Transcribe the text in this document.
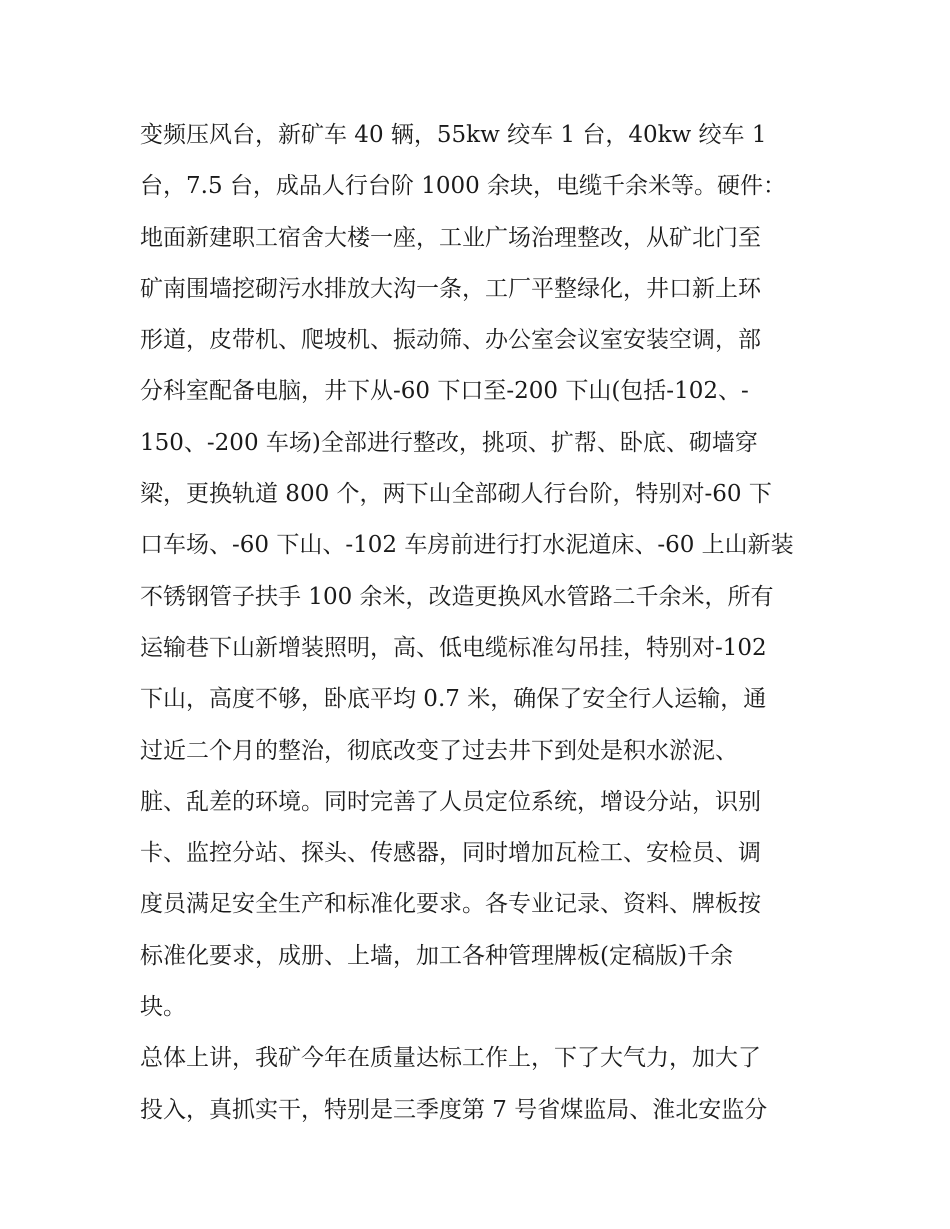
变频压风台，新矿车 40 辆，55kw 绞车 1 台，40kw 绞车 1
台，7.5 台，成品人行台阶 1000 余块，电缆千余米等。硬件：
地面新建职工宿舍大楼一座，工业广场治理整改，从矿北门至
矿南围墙挖砌污水排放大沟一条，工厂平整绿化，井口新上环
形道，皮带机、爬坡机、振动筛、办公室会议室安装空调，部
分科室配备电脑，井下从-60 下口至-200 下山(包括-102、-
150、-200 车场)全部进行整改，挑项、扩帮、卧底、砌墙穿
梁，更换轨道 800 个，两下山全部砌人行台阶，特别对-60 下
口车场、-60 下山、-102 车房前进行打水泥道床、-60 上山新装
不锈钢管子扶手 100 余米，改造更换风水管路二千余米，所有
运输巷下山新增装照明，高、低电缆标准勾吊挂，特别对-102
下山，高度不够，卧底平均 0.7 米，确保了安全行人运输，通
过近二个月的整治，彻底改变了过去井下到处是积水淤泥、
脏、乱差的环境。同时完善了人员定位系统，增设分站，识别
卡、监控分站、探头、传感器，同时增加瓦检工、安检员、调
度员满足安全生产和标准化要求。各专业记录、资料、牌板按
标准化要求，成册、上墙，加工各种管理牌板(定稿版)千余
块。
总体上讲，我矿今年在质量达标工作上，下了大气力，加大了
投入，真抓实干，特别是三季度第 7 号省煤监局、淮北安监分
